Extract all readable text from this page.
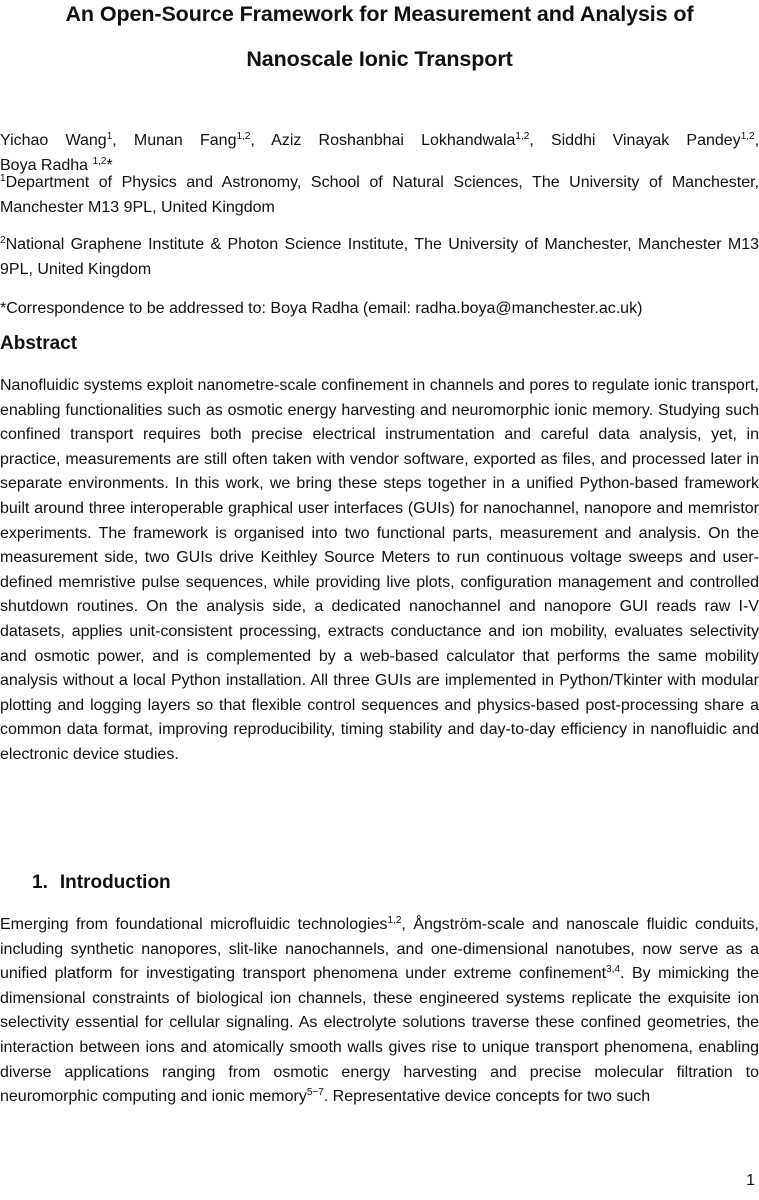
An Open-Source Framework for Measurement and Analysis of
Nanoscale Ionic Transport
Yichao Wang$^1$, Munan Fang$^{1,2}$, Aziz Roshanbhai Lokhandwala$^{1,2}$, Siddhi Vinayak Pandey$^{1,2}$,
Boya Radha $^{1,2}$*
$^1$Department of Physics and Astronomy, School of Natural Sciences, The University of Manchester, Manchester M13 9PL, United Kingdom
$^2$National Graphene Institute & Photon Science Institute, The University of Manchester, Manchester M13 9PL, United Kingdom
*Correspondence to be addressed to: Boya Radha (email: radha.boya@manchester.ac.uk)
Abstract
Nanofluidic systems exploit nanometre-scale confinement in channels and pores to regulate ionic transport, enabling functionalities such as osmotic energy harvesting and neuromorphic ionic memory. Studying such confined transport requires both precise electrical instrumentation and careful data analysis, yet, in practice, measurements are still often taken with vendor software, exported as files, and processed later in separate environments. In this work, we bring these steps together in a unified Python-based framework built around three interoperable graphical user interfaces (GUIs) for nanochannel, nanopore and memristor experiments. The framework is organised into two functional parts, measurement and analysis. On the measurement side, two GUIs drive Keithley Source Meters to run continuous voltage sweeps and user-defined memristive pulse sequences, while providing live plots, configuration management and controlled shutdown routines. On the analysis side, a dedicated nanochannel and nanopore GUI reads raw I-V datasets, applies unit-consistent processing, extracts conductance and ion mobility, evaluates selectivity and osmotic power, and is complemented by a web-based calculator that performs the same mobility analysis without a local Python installation. All three GUIs are implemented in Python/Tkinter with modular plotting and logging layers so that flexible control sequences and physics-based post-processing share a common data format, improving reproducibility, timing stability and day-to-day efficiency in nanofluidic and electronic device studies.
1. Introduction
Emerging from foundational microfluidic technologies$^{1,2}$, Ångström-scale and nanoscale fluidic conduits, including synthetic nanopores, slit-like nanochannels, and one-dimensional nanotubes, now serve as a unified platform for investigating transport phenomena under extreme confinement$^{3,4}$. By mimicking the dimensional constraints of biological ion channels, these engineered systems replicate the exquisite ion selectivity essential for cellular signaling. As electrolyte solutions traverse these confined geometries, the interaction between ions and atomically smooth walls gives rise to unique transport phenomena, enabling diverse applications ranging from osmotic energy harvesting and precise molecular filtration to neuromorphic computing and ionic memory$^{5-7}$. Representative device concepts for two such
1
